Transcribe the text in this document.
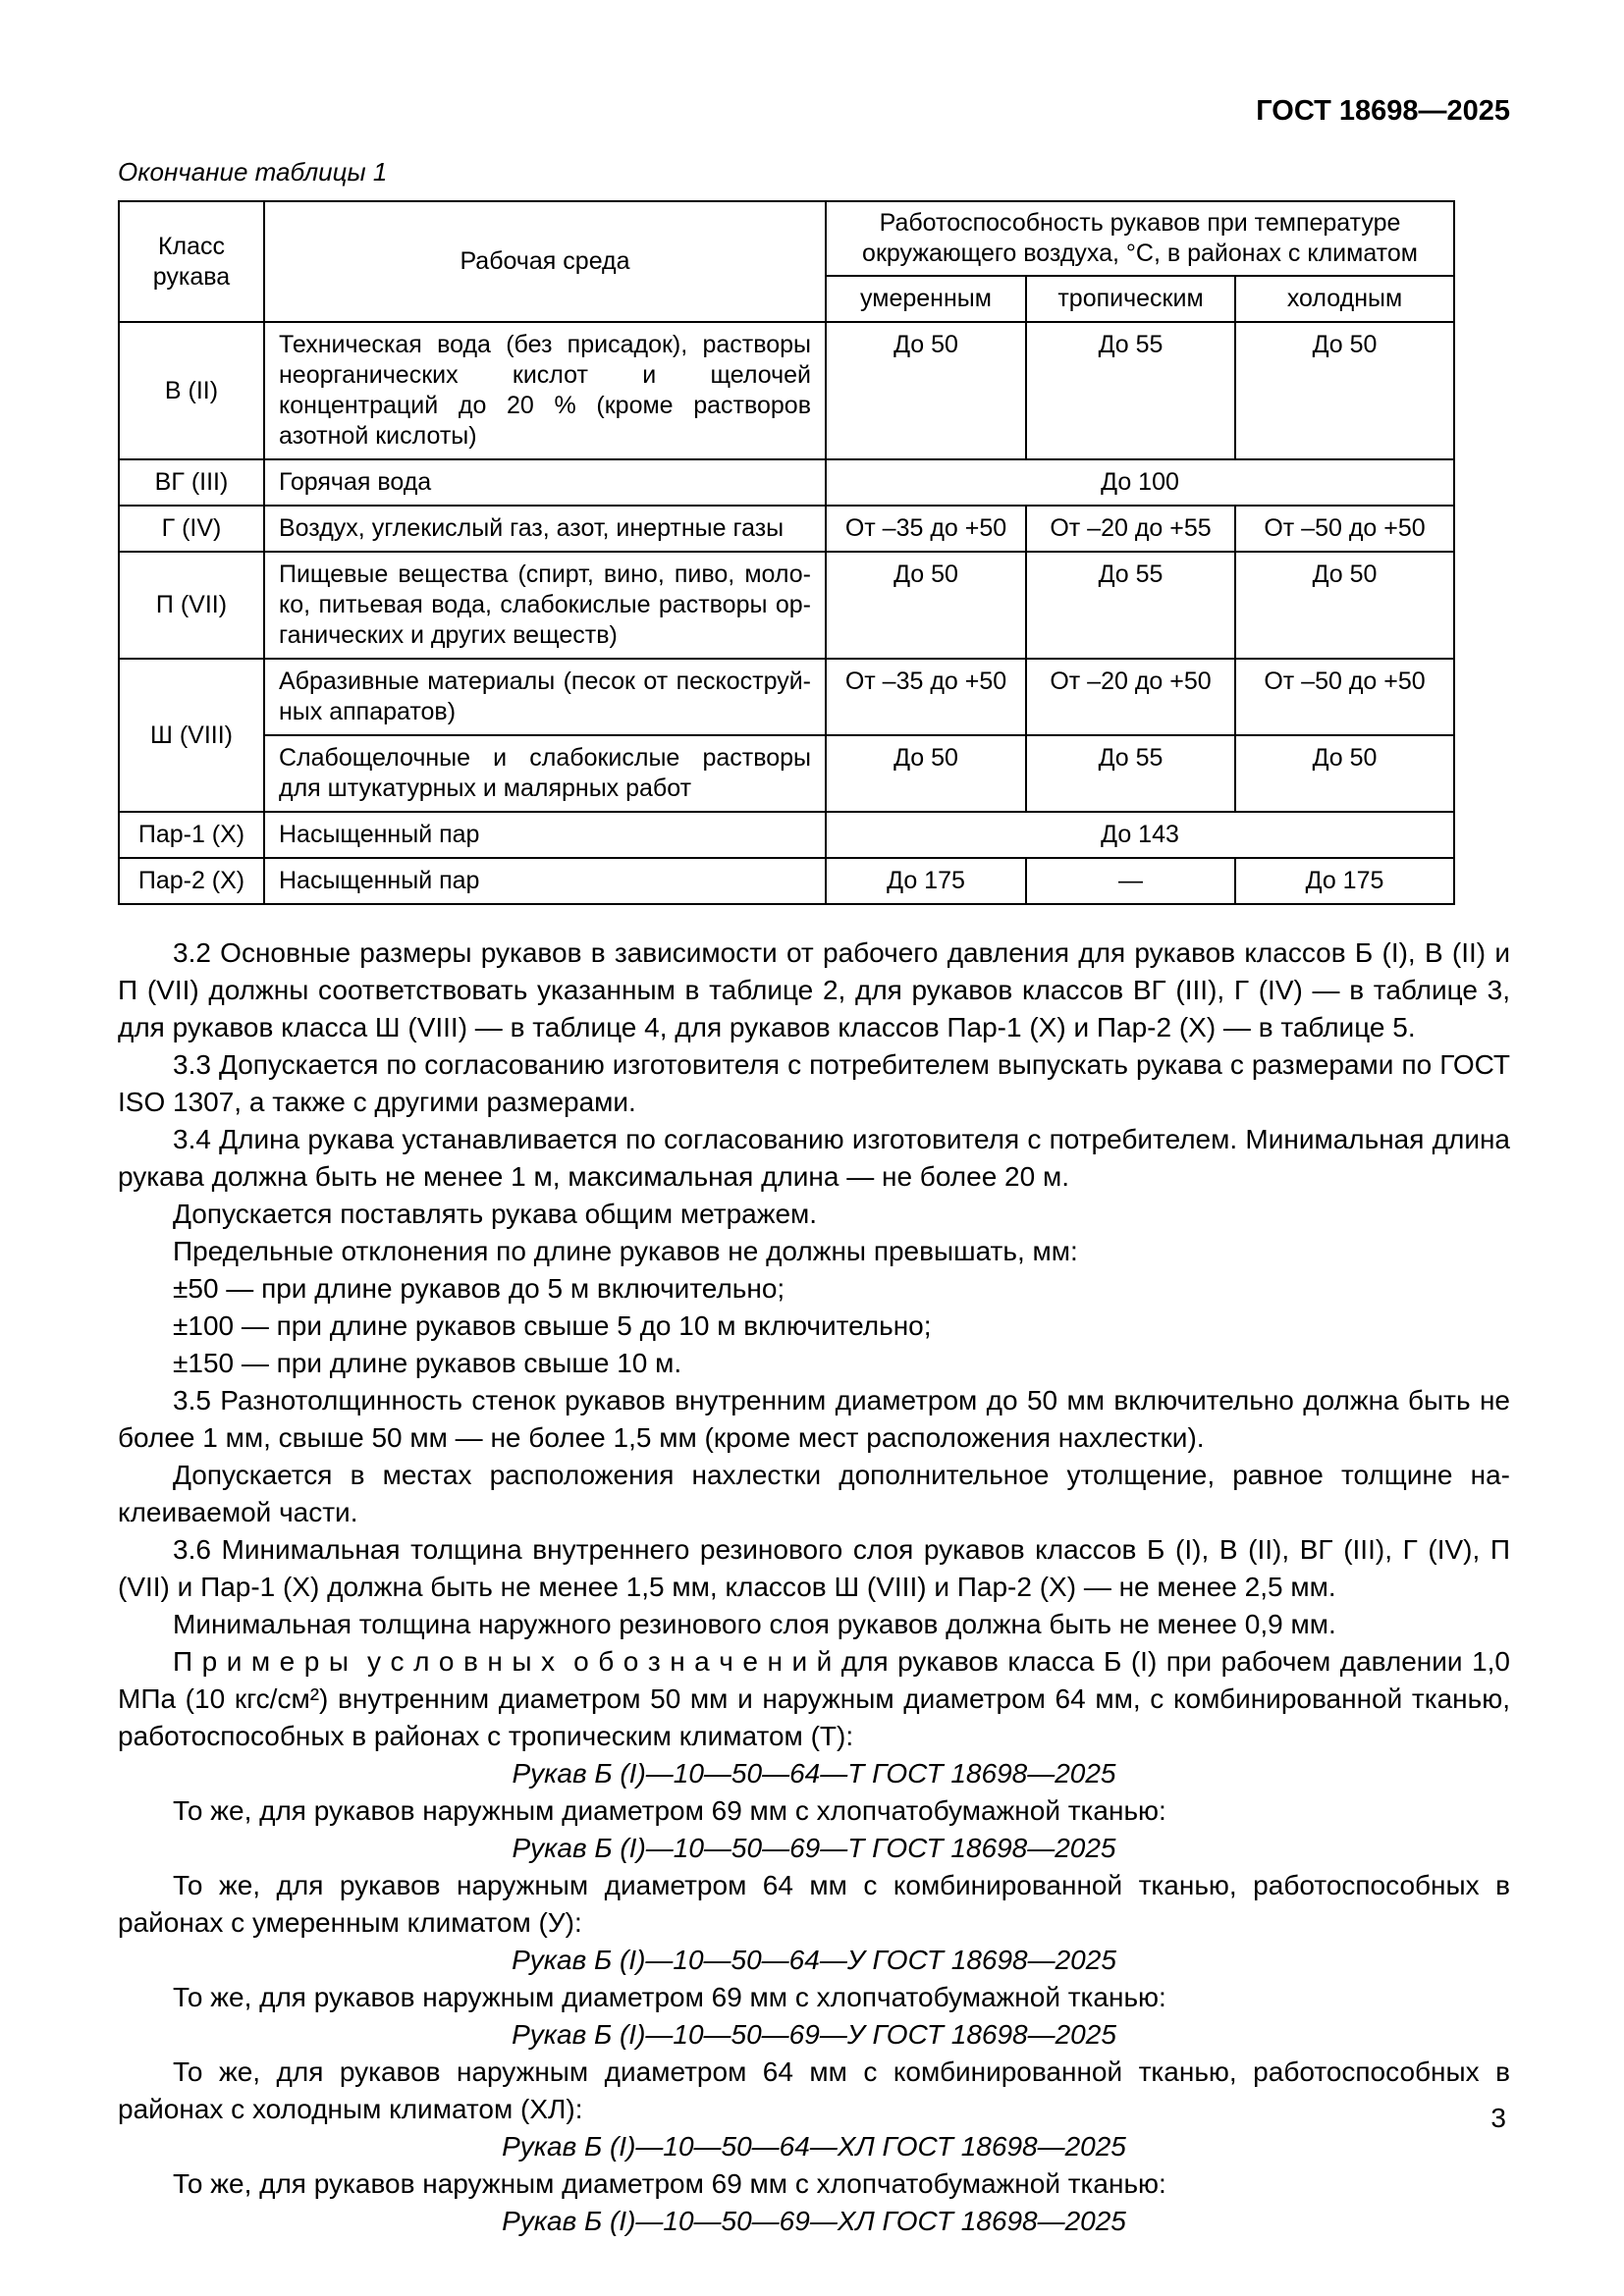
ГОСТ 18698—2025
Окончание таблицы 1
Класс рукава	Рабочая среда	Работоспособность рукавов при температуре окружающего воздуха, °С, в районах с климатом		
		умеренным	тропическим	холодным
В (II)	Техническая вода (без присадок), растворы неорганических кислот и щелочей концентраций до 20 % (кроме растворов азотной кислоты)	До 50	До 55	До 50
ВГ (III)	Горячая вода	До 100		
Г (IV)	Воздух, углекислый газ, азот, инертные газы	От –35 до +50	От –20 до +55	От –50 до +50
П (VII)	Пищевые вещества (спирт, вино, пиво, молоко, питьевая вода, слабокислые растворы органических и других веществ)	До 50	До 55	До 50
Ш (VIII)	Абразивные материалы (песок от пескоструйных аппаратов)	От –35 до +50	От –20 до +50	От –50 до +50
	Слабощелочные и слабокислые растворы для штукатурных и малярных работ	До 50	До 55	До 50
Пар-1 (Х)	Насыщенный пар	До 143		
Пар-2 (Х)	Насыщенный пар	До 175	—	До 175

3.2 Основные размеры рукавов в зависимости от рабочего давления для рукавов классов Б (I), В (II) и П (VII) должны соответствовать указанным в таблице 2, для рукавов классов ВГ (III), Г (IV) — в таблице 3, для рукавов класса Ш (VIII) — в таблице 4, для рукавов классов Пар-1 (Х) и Пар-2 (Х) — в таблице 5.

3.3 Допускается по согласованию изготовителя с потребителем выпускать рукава с размерами по ГОСТ ISO 1307, а также с другими размерами.

3.4 Длина рукава устанавливается по согласованию изготовителя с потребителем. Минимальная длина рукава должна быть не менее 1 м, максимальная длина — не более 20 м.

Допускается поставлять рукава общим метражем.

Предельные отклонения по длине рукавов не должны превышать, мм:

±50 — при длине рукавов до 5 м включительно;

±100 — при длине рукавов свыше 5 до 10 м включительно;

±150 — при длине рукавов свыше 10 м.

3.5 Разнотолщинность стенок рукавов внутренним диаметром до 50 мм включительно должна быть не более 1 мм, свыше 50 мм — не более 1,5 мм (кроме мест расположения нахлестки).

Допускается в местах расположения нахлестки дополнительное утолщение, равное толщине наклеиваемой части.

3.6 Минимальная толщина внутреннего резинового слоя рукавов классов Б (I), В (II), ВГ (III), Г (IV), П (VII) и Пар-1 (Х) должна быть не менее 1,5 мм, классов Ш (VIII) и Пар-2 (Х) — не менее 2,5 мм.

Минимальная толщина наружного резинового слоя рукавов должна быть не менее 0,9 мм.

П р и м е р ы  у с л о в н ы х  о б о з н а ч е н и й для рукавов класса Б (I) при рабочем давлении 1,0 МПа (10 кгс/см²) внутренним диаметром 50 мм и наружным диаметром 64 мм, с комбинированной тканью, работоспособных в районах с тропическим климатом (Т):

Рукав Б (I)—10—50—64—Т ГОСТ 18698—2025

То же, для рукавов наружным диаметром 69 мм с хлопчатобумажной тканью:

Рукав Б (I)—10—50—69—Т ГОСТ 18698—2025

То же, для рукавов наружным диаметром 64 мм с комбинированной тканью, работоспособных в районах с умеренным климатом (У):

Рукав Б (I)—10—50—64—У ГОСТ 18698—2025

То же, для рукавов наружным диаметром 69 мм с хлопчатобумажной тканью:

Рукав Б (I)—10—50—69—У ГОСТ 18698—2025

То же, для рукавов наружным диаметром 64 мм с комбинированной тканью, работоспособных в районах с холодным климатом (ХЛ):

Рукав Б (I)—10—50—64—ХЛ ГОСТ 18698—2025

То же, для рукавов наружным диаметром 69 мм с хлопчатобумажной тканью:

Рукав Б (I)—10—50—69—ХЛ ГОСТ 18698—2025

3
